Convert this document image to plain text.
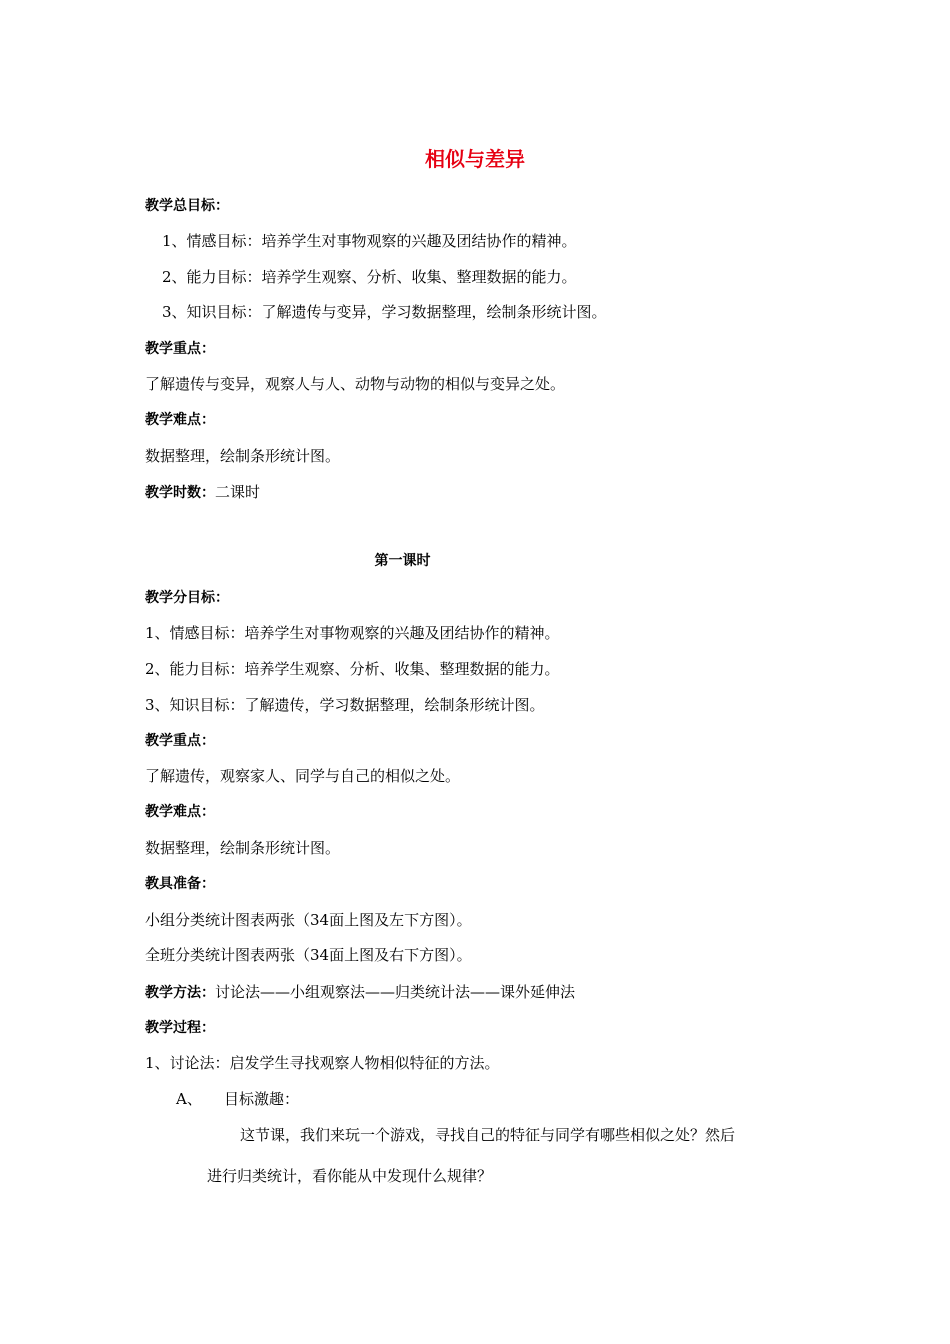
相似与差异
教学总目标：
1、情感目标：培养学生对事物观察的兴趣及团结协作的精神。
2、能力目标：培养学生观察、分析、收集、整理数据的能力。
3、知识目标：了解遗传与变异，学习数据整理，绘制条形统计图。
教学重点：
了解遗传与变异，观察人与人、动物与动物的相似与变异之处。
教学难点：
数据整理，绘制条形统计图。
教学时数：二课时
第一课时
教学分目标：
1、情感目标：培养学生对事物观察的兴趣及团结协作的精神。
2、能力目标：培养学生观察、分析、收集、整理数据的能力。
3、知识目标：了解遗传，学习数据整理，绘制条形统计图。
教学重点：
了解遗传，观察家人、同学与自己的相似之处。
教学难点：
数据整理，绘制条形统计图。
教具准备：
小组分类统计图表两张（34面上图及左下方图）。
全班分类统计图表两张（34面上图及右下方图）。
教学方法：讨论法——小组观察法——归类统计法——课外延伸法
教学过程：
1、讨论法：启发学生寻找观察人物相似特征的方法。
A、 目标激趣：
这节课，我们来玩一个游戏，寻找自己的特征与同学有哪些相似之处？然后
进行归类统计，看你能从中发现什么规律？
